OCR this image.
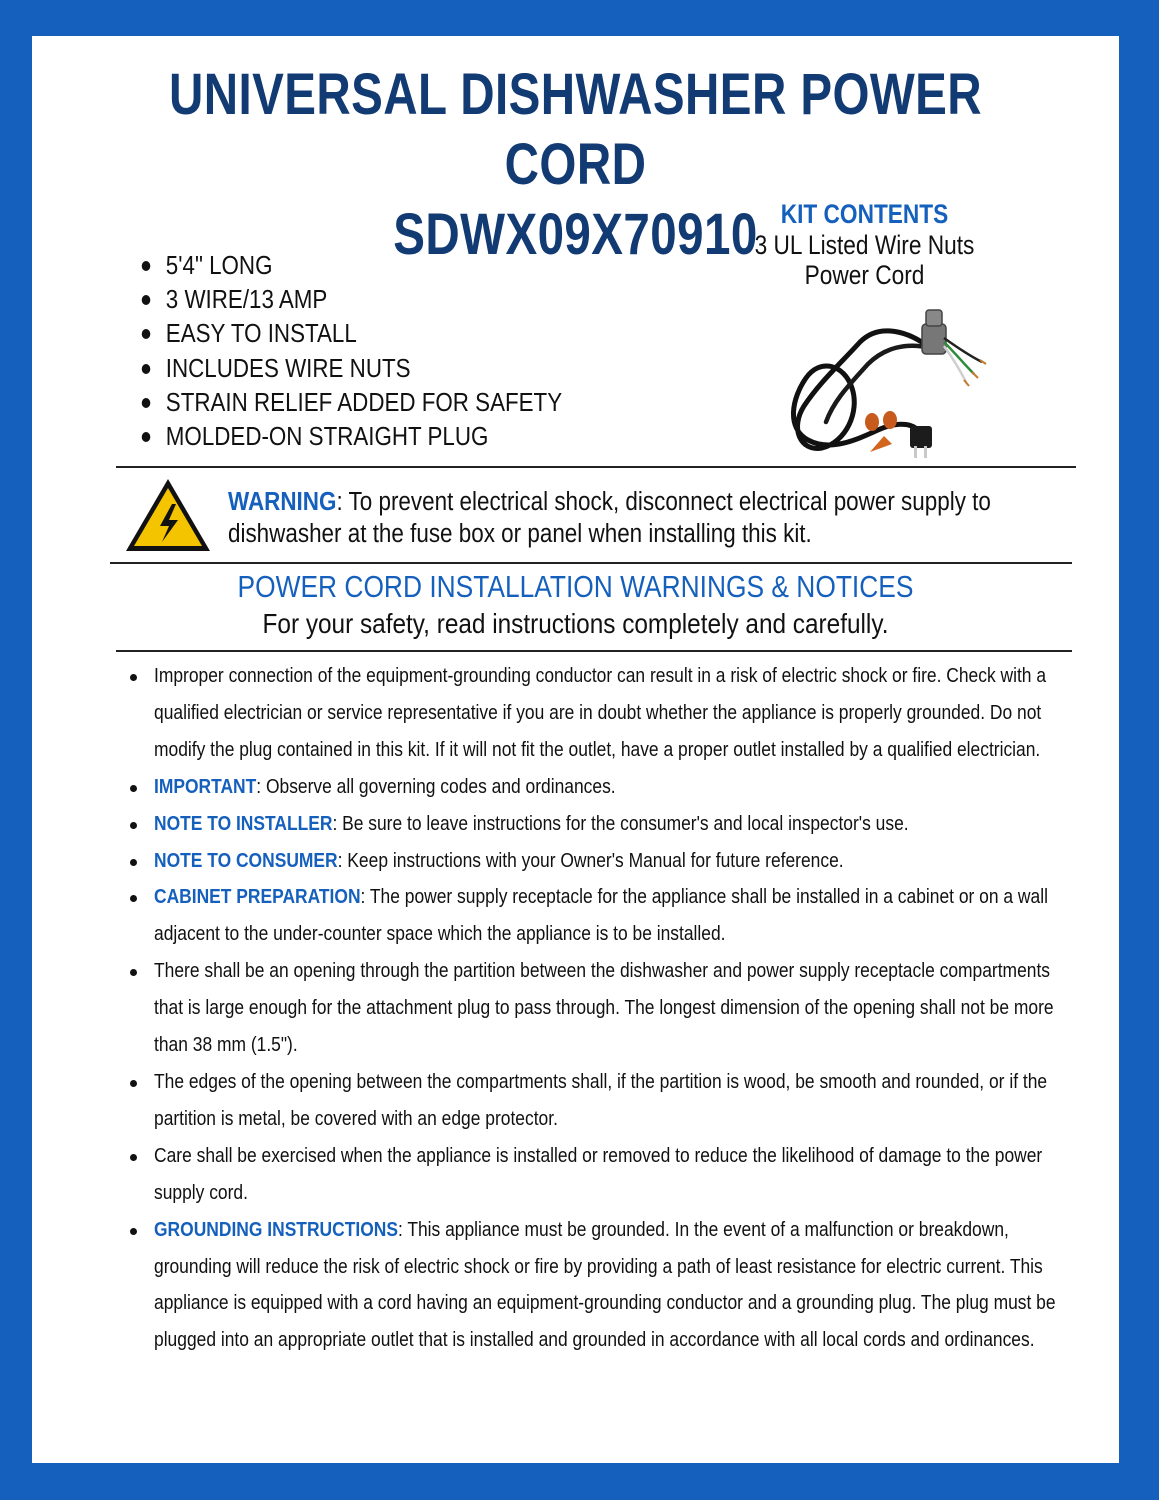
UNIVERSAL DISHWASHER POWER CORD
SDWX09X70910
5'4" LONG
3 WIRE/13 AMP
EASY TO INSTALL
INCLUDES WIRE NUTS
STRAIN RELIEF ADDED FOR SAFETY
MOLDED-ON STRAIGHT PLUG
KIT CONTENTS
3 UL Listed Wire Nuts
Power Cord
WARNING: To prevent electrical shock, disconnect electrical power supply to dishwasher at the fuse box or panel when installing this kit.
POWER CORD INSTALLATION WARNINGS & NOTICES
For your safety, read instructions completely and carefully.
Improper connection of the equipment-grounding conductor can result in a risk of electric shock or fire. Check with a qualified electrician or service representative if you are in doubt whether the appliance is properly grounded. Do not modify the plug contained in this kit. If it will not fit the outlet, have a proper outlet installed by a qualified electrician.
IMPORTANT: Observe all governing codes and ordinances.
NOTE TO INSTALLER: Be sure to leave instructions for the consumer's and local inspector's use.
NOTE TO CONSUMER: Keep instructions with your Owner's Manual for future reference.
CABINET PREPARATION: The power supply receptacle for the appliance shall be installed in a cabinet or on a wall adjacent to the under-counter space which the appliance is to be installed.
There shall be an opening through the partition between the dishwasher and power supply receptacle compartments that is large enough for the attachment plug to pass through. The longest dimension of the opening shall not be more than 38 mm (1.5").
The edges of the opening between the compartments shall, if the partition is wood, be smooth and rounded, or if the partition is metal, be covered with an edge protector.
Care shall be exercised when the appliance is installed or removed to reduce the likelihood of damage to the power supply cord.
GROUNDING INSTRUCTIONS: This appliance must be grounded. In the event of a malfunction or breakdown, grounding will reduce the risk of electric shock or fire by providing a path of least resistance for electric current. This appliance is equipped with a cord having an equipment-grounding conductor and a grounding plug. The plug must be plugged into an appropriate outlet that is installed and grounded in accordance with all local cords and ordinances.
